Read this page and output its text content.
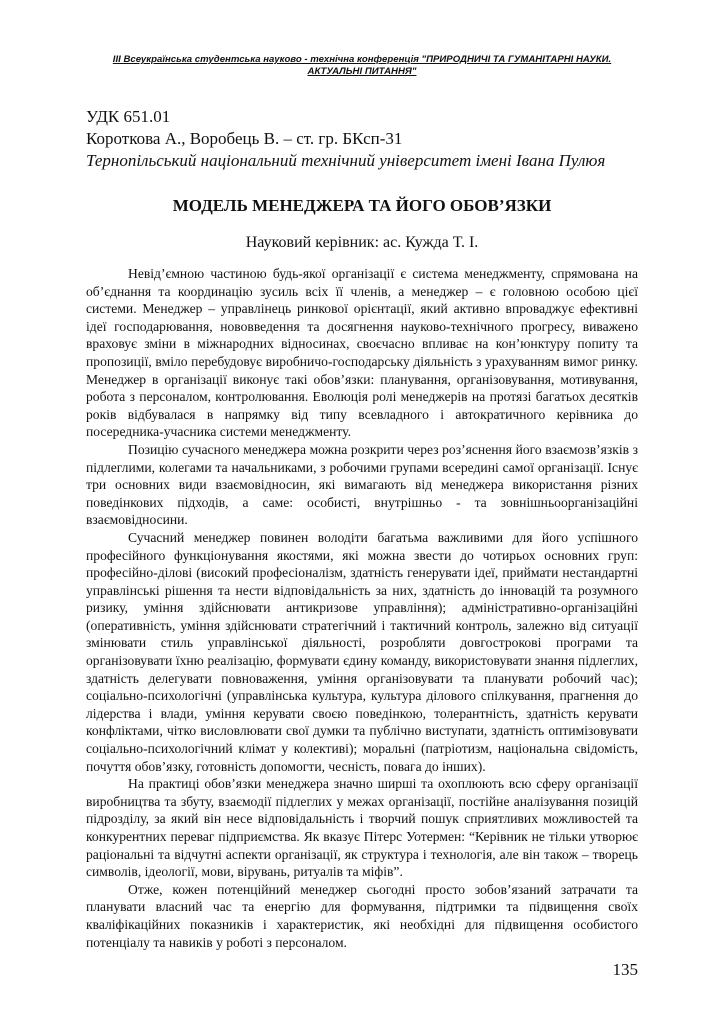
III Всеукраїнська студентська науково - технічна конференція "ПРИРОДНИЧІ ТА ГУМАНІТАРНІ НАУКИ.
АКТУАЛЬНІ ПИТАННЯ"

УДК 651.01

Короткова А., Воробець В. – ст. гр. БКсп-31

Тернопільський національний технічний університет імені Івана Пулюя

МОДЕЛЬ МЕНЕДЖЕРА ТА ЙОГО ОБОВ’ЯЗКИ

Науковий керівник: ас. Кужда Т. І.

Невід’ємною частиною будь-якої організації є система менеджменту, спрямована на об’єднання та координацію зусиль всіх її членів, а менеджер – є головною особою цієї системи. Менеджер – управлінець ринкової орієнтації, який активно впроваджує ефективні ідеї господарювання, нововведення та досягнення науково-технічного прогресу, виважено враховує зміни в міжнародних відносинах, своєчасно впливає на кон’юнктуру попиту та пропозиції, вміло перебудовує виробничо-господарську діяльність з урахуванням вимог ринку. Менеджер в організації виконує такі обов’язки: планування, організовування, мотивування, робота з персоналом, контролювання. Еволюція ролі менеджерів на протязі багатьох десятків років відбувалася в напрямку від типу всевладного і автократичного керівника до посередника-учасника системи менеджменту.

Позицію сучасного менеджера можна розкрити через роз’яснення його взаємозв’язків з підлеглими, колегами та начальниками, з робочими групами всередині самої організації. Існує три основних види взаємовідносин, які вимагають від менеджера використання різних поведінкових підходів, а саме: особисті, внутрішньо - та зовнішньоорганізаційні взаємовідносини.

Сучасний менеджер повинен володіти багатьма важливими для його успішного професійного функціонування якостями, які можна звести до чотирьох основних груп: професійно-ділові (високий професіоналізм, здатність генерувати ідеї, приймати нестандартні управлінські рішення та нести відповідальність за них, здатність до інновацій та розумного ризику, уміння здійснювати антикризове управління); адміністративно-організаційні (оперативність, уміння здійснювати стратегічний і тактичний контроль, залежно від ситуації змінювати стиль управлінської діяльності, розробляти довгострокові програми та організовувати їхню реалізацію, формувати єдину команду, використовувати знання підлеглих, здатність делегувати повноваження, уміння організовувати та планувати робочий час); соціально-психологічні (управлінська культура, культура ділового спілкування, прагнення до лідерства і влади, уміння керувати своєю поведінкою, толерантність, здатність керувати конфліктами, чітко висловлювати свої думки та публічно виступати, здатність оптимізовувати соціально-психологічний клімат у колективі); моральні (патріотизм, національна свідомість, почуття обов’язку, готовність допомогти, чесність, повага до інших).

На практиці обов’язки менеджера значно ширші та охоплюють всю сферу організації виробництва та збуту, взаємодії підлеглих у межах організації, постійне аналізування позицій підрозділу, за який він несе відповідальність і творчий пошук сприятливих можливостей та конкурентних переваг підприємства. Як вказує Пітерс Уотермен: “Керівник не тільки утворює раціональні та відчутні аспекти організації, як структура і технологія, але він також – творець символів, ідеології, мови, вірувань, ритуалів та міфів”.

Отже, кожен потенційний менеджер сьогодні просто зобов’язаний затрачати та планувати власний час та енергію для формування, підтримки та підвищення своїх кваліфікаційних показників і характеристик, які необхідні для підвищення особистого потенціалу та навиків у роботі з персоналом.

135
